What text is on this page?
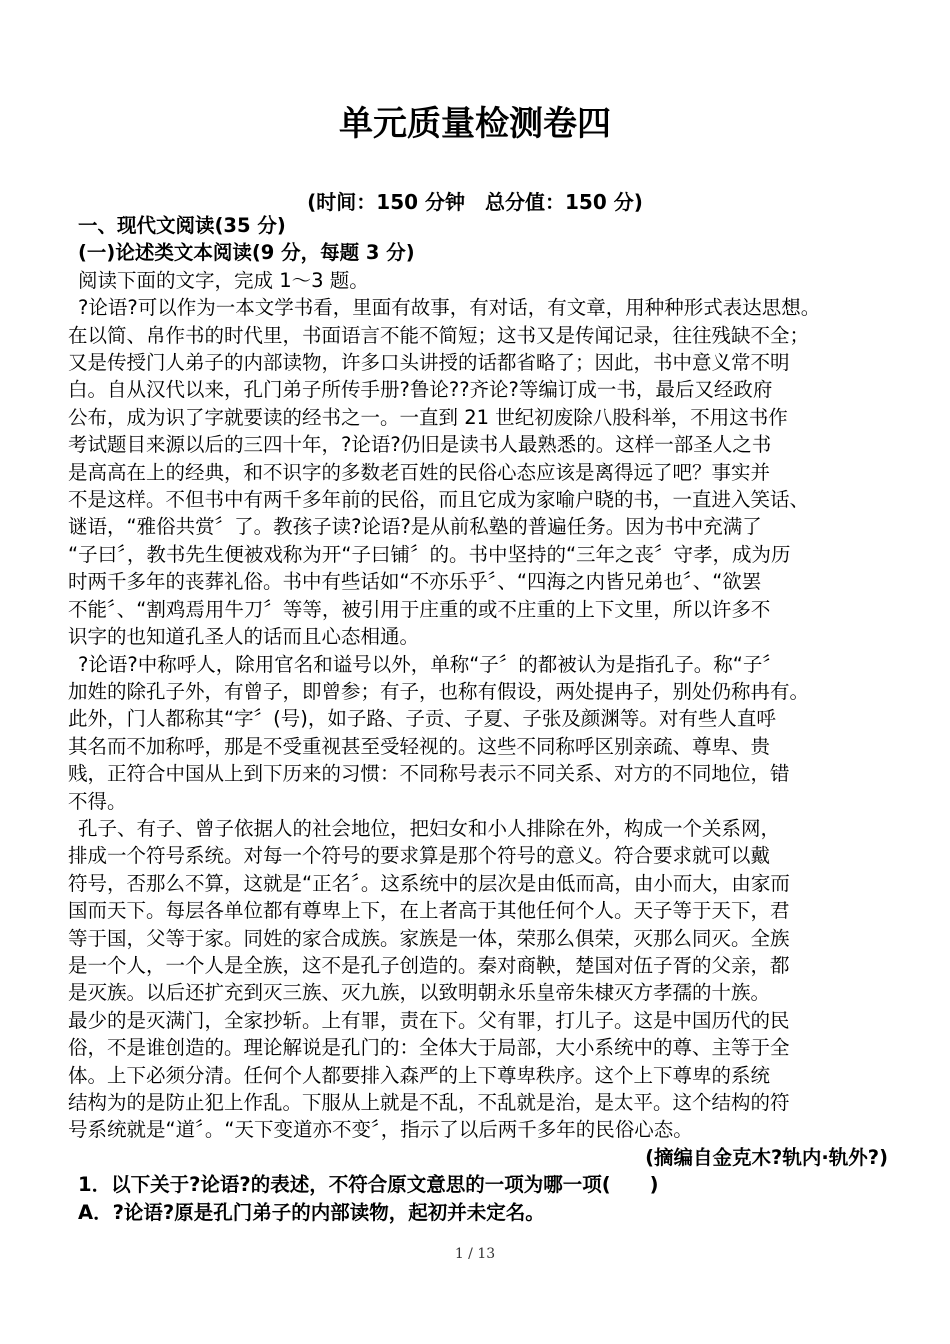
单元质量检测卷四
(时间：150 分钟　总分值：150 分)
一、现代文阅读(35 分)
(一)论述类文本阅读(9 分，每题 3 分)
阅读下面的文字，完成 1～3 题。
?论语?可以作为一本文学书看，里面有故事，有对话，有文章，用种种形式表达思想。
在以简、帛作书的时代里，书面语言不能不简短；这书又是传闻记录，往往残缺不全；
又是传授门人弟子的内部读物，许多口头讲授的话都省略了；因此，书中意义常不明
白。自从汉代以来，孔门弟子所传手册?鲁论??齐论?等编订成一书，最后又经政府
公布，成为识了字就要读的经书之一。一直到 21 世纪初废除八股科举，不用这书作
考试题目来源以后的三四十年，?论语?仍旧是读书人最熟悉的。这样一部圣人之书
是高高在上的经典，和不识字的多数老百姓的民俗心态应该是离得远了吧？事实并
不是这样。不但书中有两千多年前的民俗，而且它成为家喻户晓的书，一直进入笑话、
谜语，“雅俗共赏〞了。教孩子读?论语?是从前私塾的普遍任务。因为书中充满了
“子曰〞，教书先生便被戏称为开“子曰铺〞的。书中坚持的“三年之丧〞守孝，成为历
时两千多年的丧葬礼俗。书中有些话如“不亦乐乎〞、“四海之内皆兄弟也〞、“欲罢
不能〞、“割鸡焉用牛刀〞等等，被引用于庄重的或不庄重的上下文里，所以许多不
识字的也知道孔圣人的话而且心态相通。
?论语?中称呼人，除用官名和谥号以外，单称“子〞的都被认为是指孔子。称“子〞
加姓的除孔子外，有曾子，即曾参；有子，也称有假设，两处提冉子，别处仍称冉有。
此外，门人都称其“字〞(号)，如子路、子贡、子夏、子张及颜渊等。对有些人直呼
其名而不加称呼，那是不受重视甚至受轻视的。这些不同称呼区别亲疏、尊卑、贵
贱，正符合中国从上到下历来的习惯：不同称号表示不同关系、对方的不同地位，错
不得。
孔子、有子、曾子依据人的社会地位，把妇女和小人排除在外，构成一个关系网，
排成一个符号系统。对每一个符号的要求算是那个符号的意义。符合要求就可以戴
符号，否那么不算，这就是“正名〞。这系统中的层次是由低而高，由小而大，由家而
国而天下。每层各单位都有尊卑上下，在上者高于其他任何个人。天子等于天下，君
等于国，父等于家。同姓的家合成族。家族是一体，荣那么俱荣，灭那么同灭。全族
是一个人，一个人是全族，这不是孔子创造的。秦对商鞅，楚国对伍子胥的父亲，都
是灭族。以后还扩充到灭三族、灭九族，以致明朝永乐皇帝朱棣灭方孝孺的十族。
最少的是灭满门，全家抄斩。上有罪，责在下。父有罪，打儿子。这是中国历代的民
俗，不是谁创造的。理论解说是孔门的：全体大于局部，大小系统中的尊、主等于全
体。上下必须分清。任何个人都要排入森严的上下尊卑秩序。这个上下尊卑的系统
结构为的是防止犯上作乱。下服从上就是不乱，不乱就是治，是太平。这个结构的符
号系统就是“道〞。“天下变道亦不变〞，指示了以后两千多年的民俗心态。
(摘编自金克木?轨内·轨外?)
1．以下关于?论语?的表述，不符合原文意思的一项为哪一项(　　)
A．?论语?原是孔门弟子的内部读物，起初并未定名。
1 / 13
